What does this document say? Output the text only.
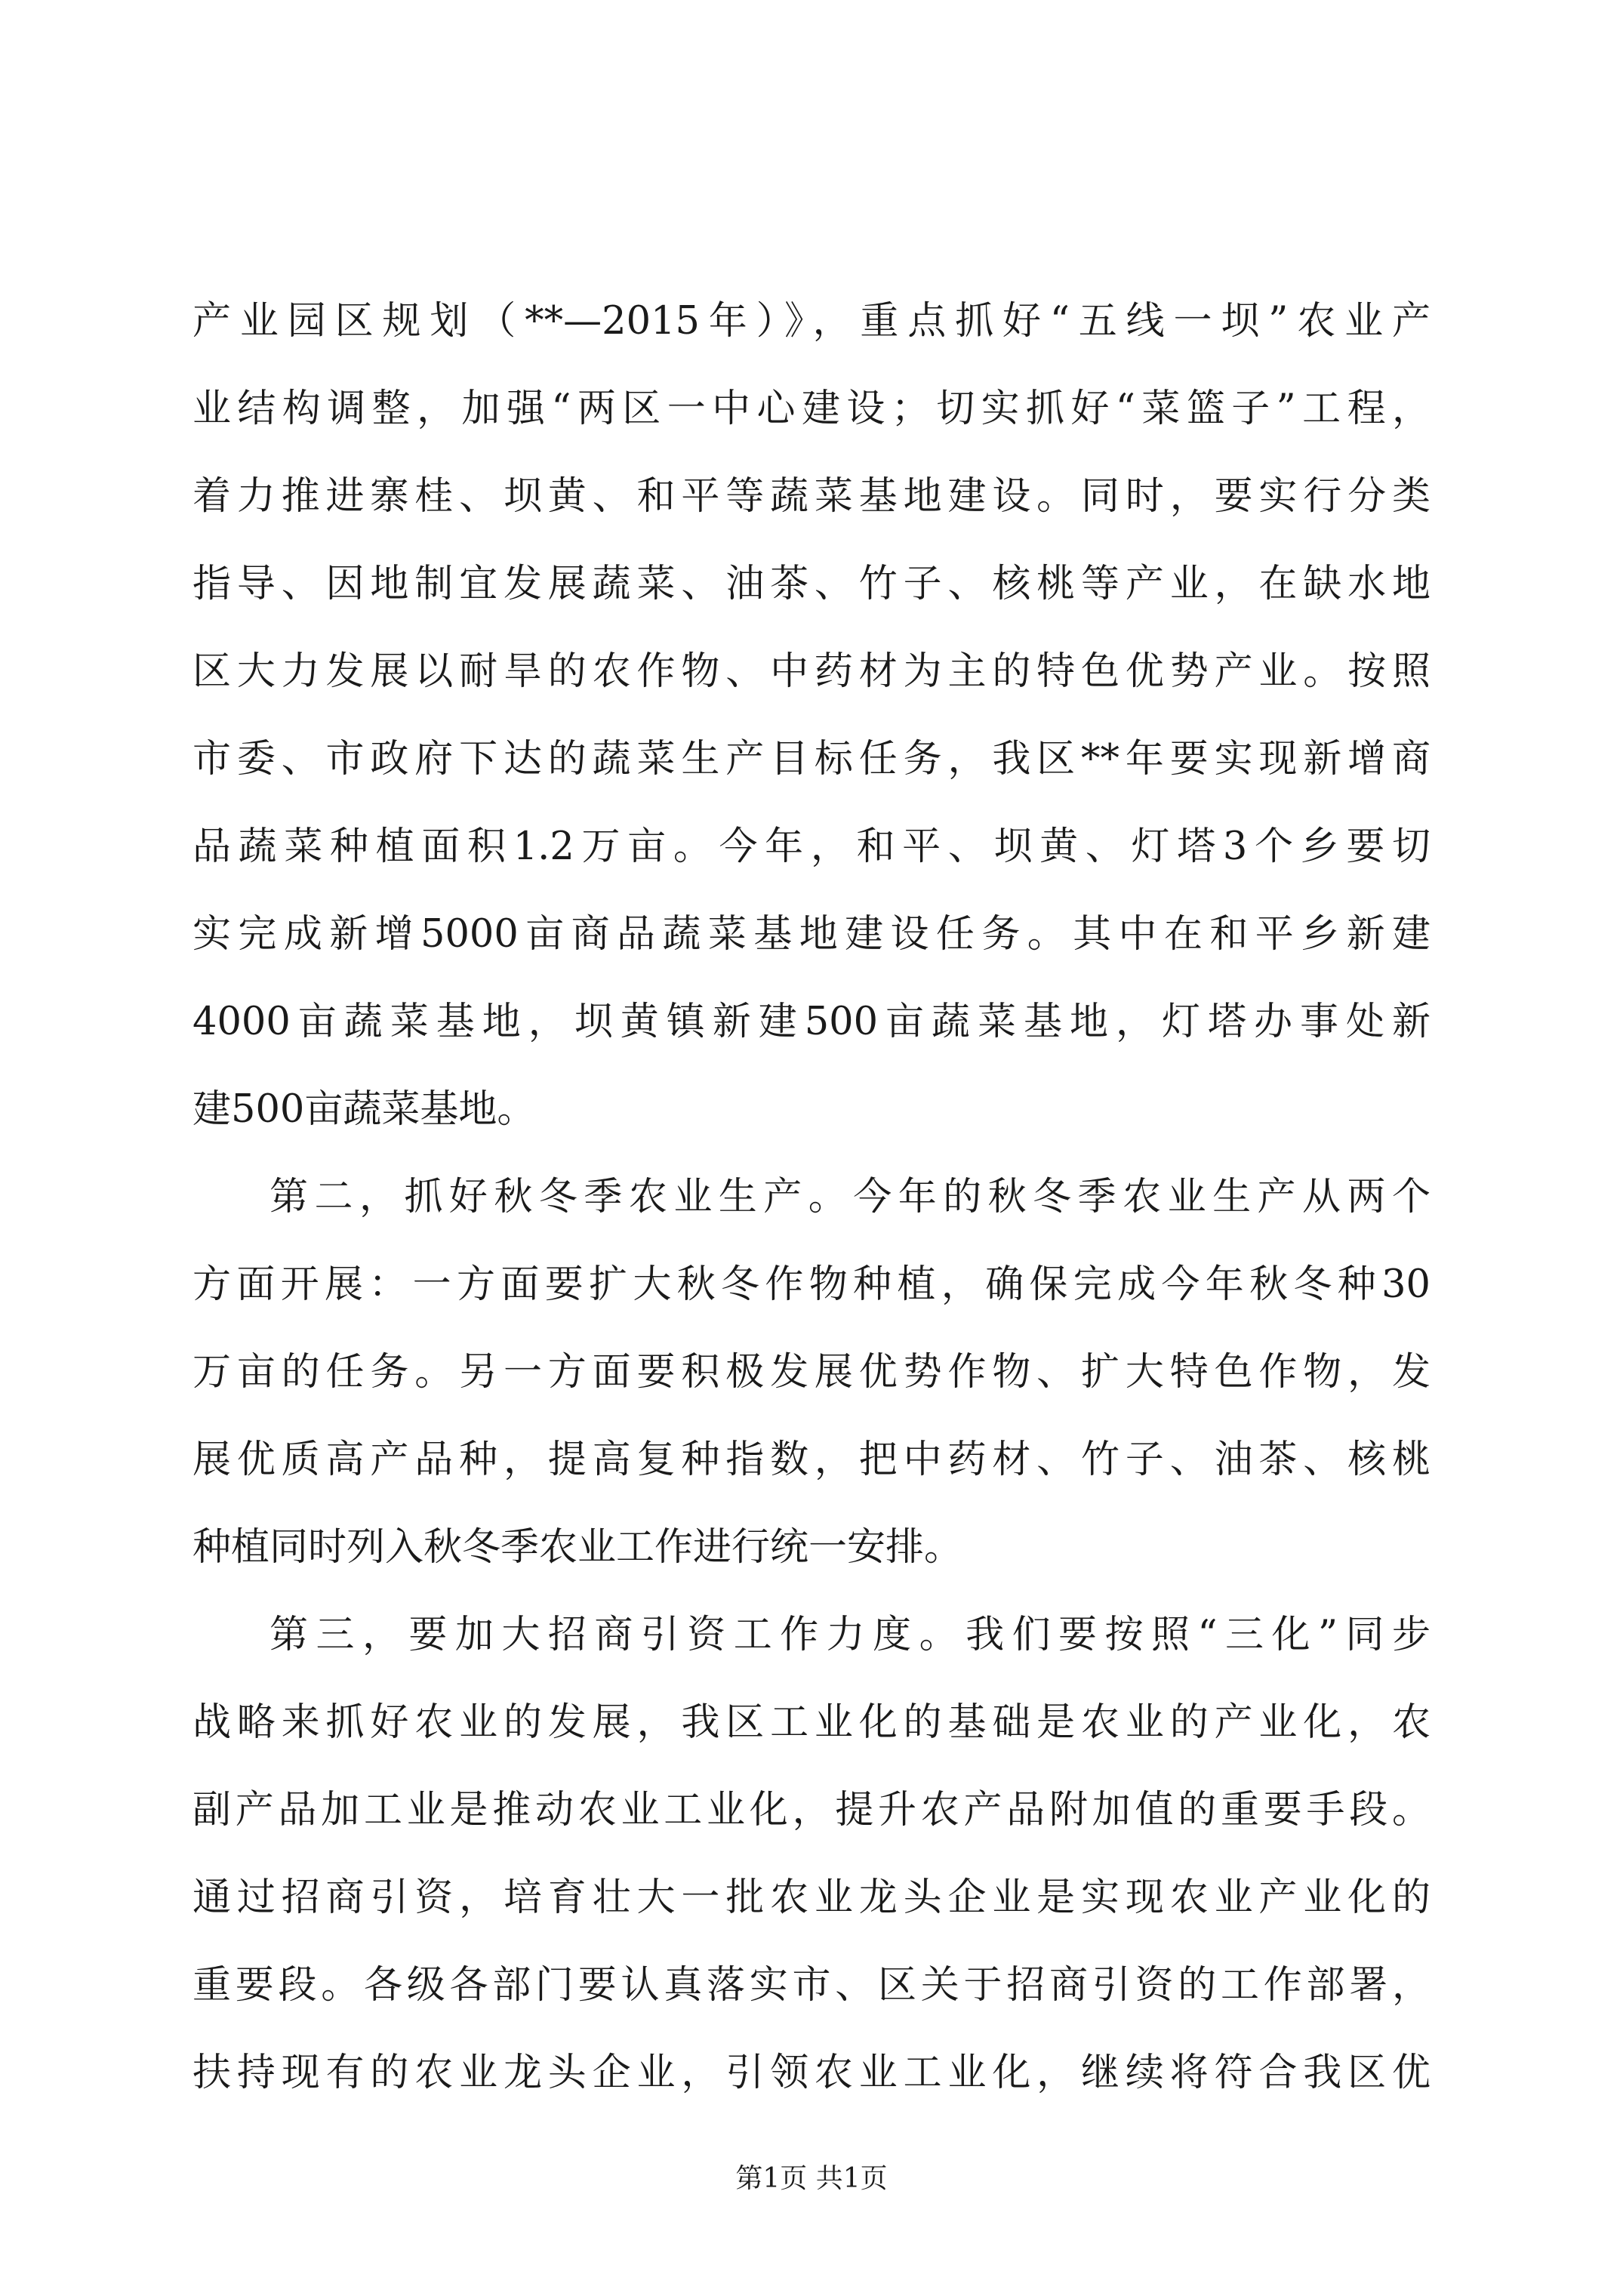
产业园区规划（**—2015年）》，重点抓好“五线一坝”农业产
业结构调整，加强“两区一中心建设；切实抓好“菜篮子”工程，
着力推进寨桂、坝黄、和平等蔬菜基地建设。同时，要实行分类
指导、因地制宜发展蔬菜、油茶、竹子、核桃等产业，在缺水地
区大力发展以耐旱的农作物、中药材为主的特色优势产业。按照
市委、市政府下达的蔬菜生产目标任务，我区**年要实现新增商
品蔬菜种植面积1.2万亩。今年，和平、坝黄、灯塔3个乡要切
实完成新增5000亩商品蔬菜基地建设任务。其中在和平乡新建
4000亩蔬菜基地，坝黄镇新建500亩蔬菜基地，灯塔办事处新
建500亩蔬菜基地。
第二，抓好秋冬季农业生产。今年的秋冬季农业生产从两个
方面开展：一方面要扩大秋冬作物种植，确保完成今年秋冬种30
万亩的任务。另一方面要积极发展优势作物、扩大特色作物，发
展优质高产品种，提高复种指数，把中药材、竹子、油茶、核桃
种植同时列入秋冬季农业工作进行统一安排。
第三，要加大招商引资工作力度。我们要按照“三化”同步
战略来抓好农业的发展，我区工业化的基础是农业的产业化，农
副产品加工业是推动农业工业化，提升农产品附加值的重要手段。
通过招商引资，培育壮大一批农业龙头企业是实现农业产业化的
重要段。各级各部门要认真落实市、区关于招商引资的工作部署，
扶持现有的农业龙头企业，引领农业工业化，继续将符合我区优
第1页 共1页
